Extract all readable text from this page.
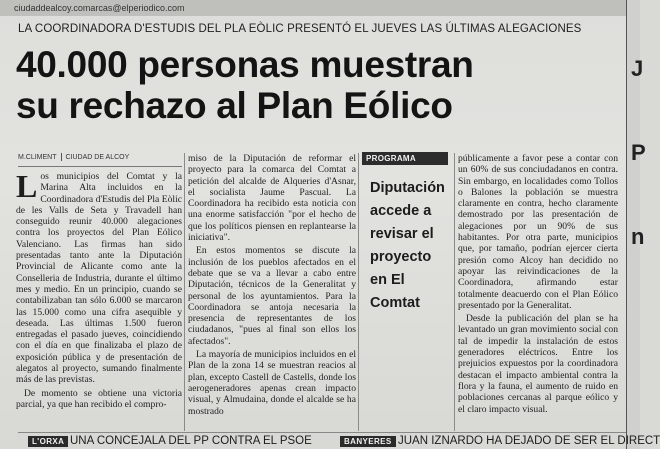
ciudaddealcoy.comarcas@elperiodico.com
J
P
n
LA COORDINADORA D'ESTUDIS DEL PLA EÒLIC PRESENTÓ EL JUEVES LAS ÚLTIMAS ALEGACIONES
40.000 personas muestran
su rechazo al Plan Eólico
M.CLIMENT CIUDAD DE ALCOY

Los municipios del Comtat y la Marina Alta incluidos en la Coordinadora d'Estudis del Pla Eòlic de les Valls de Seta y Travadell han conseguido reunir 40.000 alegaciones contra los proyectos del Plan Eólico Valenciano. Las firmas han sido presentadas tanto ante la Diputación Provincial de Alicante como ante la Conselleria de Industria, durante el último mes y medio. En un principio, cuando se contabilizaban tan sólo 6.000 se marcaron las 15.000 como una cifra asequible y deseada. Las últimas 1.500 fueron entregadas el pasado jueves, coincidiendo con el día en que finalizaba el plazo de exposición pública y de presentación de alegatos al proyecto, sumando finalmente más de las previstas.

De momento se obtiene una victoria parcial, ya que han recibido el compro-

miso de la Diputación de reformar el proyecto para la comarca del Comtat a petición del alcalde de Alqueries d'Asnar, el socialista Jaume Pascual. La Coordinadora ha recibido esta noticia con una enorme satisfacción "por el hecho de que los políticos piensen en replantearse la iniciativa".

En estos momentos se discute la inclusión de los pueblos afectados en el debate que se va a llevar a cabo entre Diputación, técnicos de la Generalitat y personal de los ayuntamientos. Para la Coordinadora se antoja necesaria la presencia de representantes de los ciudadanos, "pues al final son ellos los afectados".

La mayoría de municipios incluidos en el Plan de la zona 14 se muestran reacios al plan, excepto Castell de Castells, donde los aerogeneradores apenas crean impacto visual, y Almudaina, donde el alcalde se ha mostrado

PROGRAMA
Diputación accede a revisar el proyecto en El Comtat

públicamente a favor pese a contar con un 60% de sus conciudadanos en contra. Sin embargo, en localidades como Tollos o Balones la población se muestra claramente en contra, hecho claramente demostrado por las presentación de alegaciones por un 90% de sus habitantes. Por otra parte, municipios que, por tamaño, podrían ejercer cierta presión como Alcoy han decidido no apoyar las reivindicaciones de la Coordinadora, afirmando estar totalmente deacuerdo con el Plan Eólico presentado por la Generalitat.

Desde la publicación del plan se ha levantado un gran movimiento social con tal de impedir la instalación de estos generadores eléctricos. Entre los prejuicios expuestos por la coordinadora destacan el impacto ambiental contra la flora y la fauna, el aumento de ruido en poblaciones cercanas al parque eólico y el claro impacto visual.

L'ORXA UNA CONCEJALA DEL PP CONTRA EL PSOE	BANYERES JUAN IZNARDO HA DEJADO DE SER EL DIRECT
